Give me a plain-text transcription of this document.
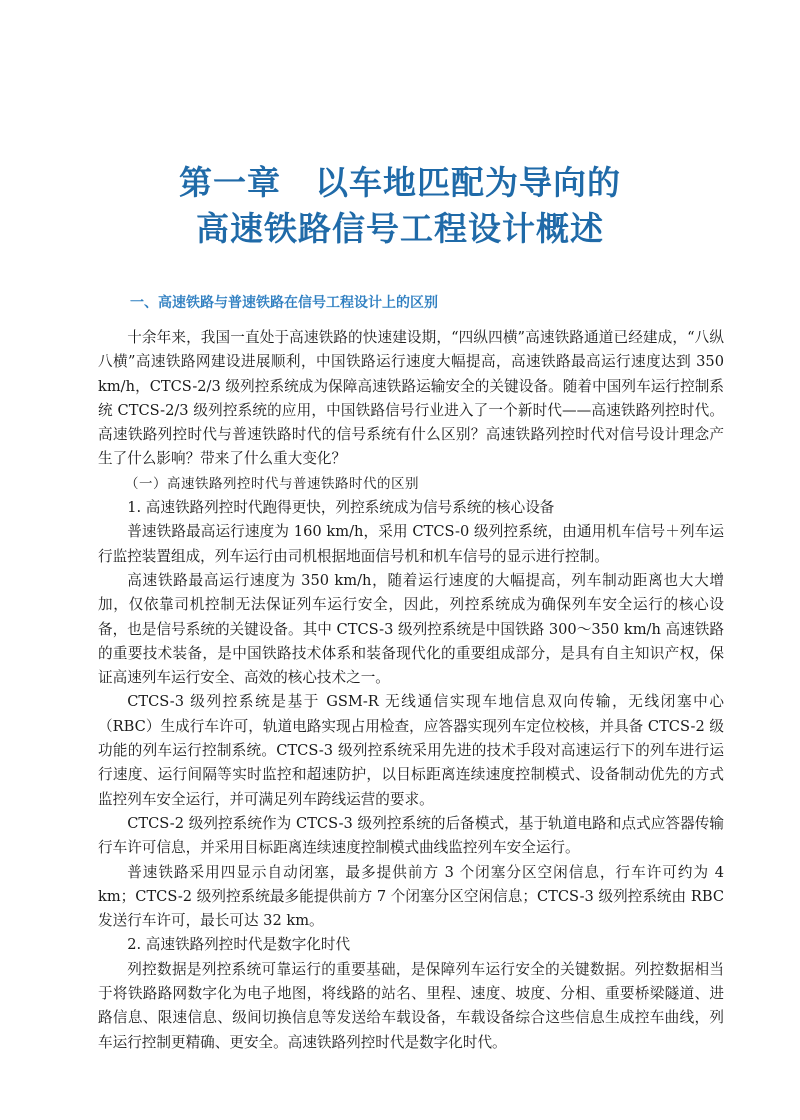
第一章　以车地匹配为导向的
高速铁路信号工程设计概述
一、高速铁路与普速铁路在信号工程设计上的区别

十余年来，我国一直处于高速铁路的快速建设期，“四纵四横”高速铁路通道已经建成，“八纵八横”高速铁路网建设进展顺利，中国铁路运行速度大幅提高，高速铁路最高运行速度达到 350 km/h，CTCS-2/3 级列控系统成为保障高速铁路运输安全的关键设备。随着中国列车运行控制系统 CTCS-2/3 级列控系统的应用，中国铁路信号行业进入了一个新时代——高速铁路列控时代。高速铁路列控时代与普速铁路时代的信号系统有什么区别？高速铁路列控时代对信号设计理念产生了什么影响？带来了什么重大变化？

（一）高速铁路列控时代与普速铁路时代的区别

1. 高速铁路列控时代跑得更快，列控系统成为信号系统的核心设备

普速铁路最高运行速度为 160 km/h，采用 CTCS-0 级列控系统，由通用机车信号＋列车运行监控装置组成，列车运行由司机根据地面信号机和机车信号的显示进行控制。

高速铁路最高运行速度为 350 km/h，随着运行速度的大幅提高，列车制动距离也大大增加，仅依靠司机控制无法保证列车运行安全，因此，列控系统成为确保列车安全运行的核心设备，也是信号系统的关键设备。其中 CTCS-3 级列控系统是中国铁路 300～350 km/h 高速铁路的重要技术装备，是中国铁路技术体系和装备现代化的重要组成部分，是具有自主知识产权，保证高速列车运行安全、高效的核心技术之一。

CTCS-3 级列控系统是基于 GSM-R 无线通信实现车地信息双向传输，无线闭塞中心（RBC）生成行车许可，轨道电路实现占用检查，应答器实现列车定位校核，并具备 CTCS-2 级功能的列车运行控制系统。CTCS-3 级列控系统采用先进的技术手段对高速运行下的列车进行运行速度、运行间隔等实时监控和超速防护，以目标距离连续速度控制模式、设备制动优先的方式监控列车安全运行，并可满足列车跨线运营的要求。

CTCS-2 级列控系统作为 CTCS-3 级列控系统的后备模式，基于轨道电路和点式应答器传输行车许可信息，并采用目标距离连续速度控制模式曲线监控列车安全运行。

普速铁路采用四显示自动闭塞，最多提供前方 3 个闭塞分区空闲信息，行车许可约为 4 km；CTCS-2 级列控系统最多能提供前方 7 个闭塞分区空闲信息；CTCS-3 级列控系统由 RBC 发送行车许可，最长可达 32 km。

2. 高速铁路列控时代是数字化时代

列控数据是列控系统可靠运行的重要基础，是保障列车运行安全的关键数据。列控数据相当于将铁路路网数字化为电子地图，将线路的站名、里程、速度、坡度、分相、重要桥梁隧道、进路信息、限速信息、级间切换信息等发送给车载设备，车载设备综合这些信息生成控车曲线，列车运行控制更精确、更安全。高速铁路列控时代是数字化时代。
